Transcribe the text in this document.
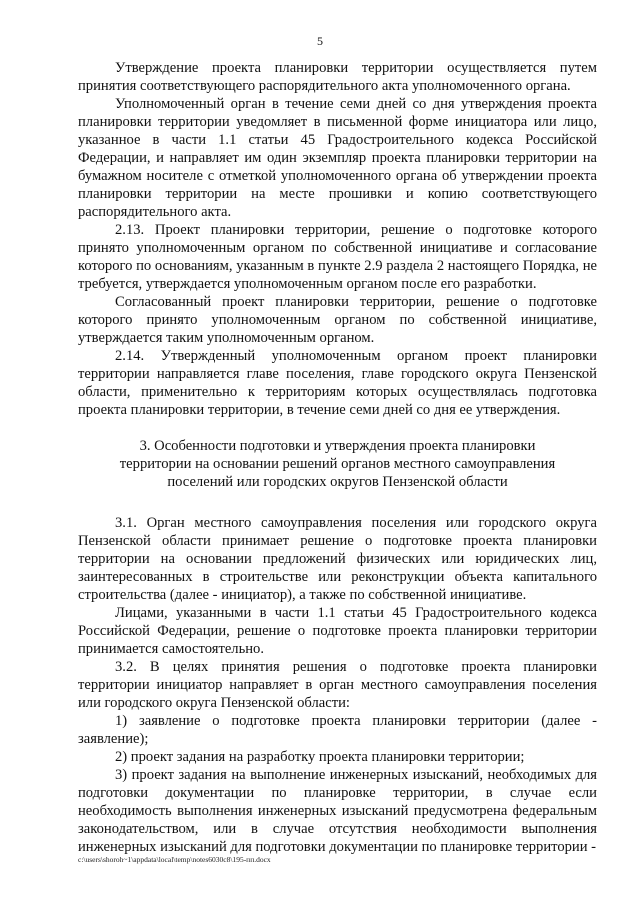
5

Утверждение проекта планировки территории осуществляется путем принятия соответствующего распорядительного акта уполномоченного органа.

Уполномоченный орган в течение семи дней со дня утверждения проекта планировки территории уведомляет в письменной форме инициатора или лицо, указанное в части 1.1 статьи 45 Градостроительного кодекса Российской Федерации, и направляет им один экземпляр проекта планировки территории на бумажном носителе с отметкой уполномоченного органа об утверждении проекта планировки территории на месте прошивки и копию соответствующего распорядительного акта.

2.13. Проект планировки территории, решение о подготовке которого принято уполномоченным органом по собственной инициативе и согласование которого по основаниям, указанным в пункте 2.9 раздела 2 настоящего Порядка, не требуется, утверждается уполномоченным органом после его разработки.

Согласованный проект планировки территории, решение о подготовке которого принято уполномоченным органом по собственной инициативе, утверждается таким уполномоченным органом.

2.14. Утвержденный уполномоченным органом проект планировки территории направляется главе поселения, главе городского округа Пензенской области, применительно к территориям которых осуществлялась подготовка проекта планировки территории, в течение семи дней со дня ее утверждения.

3. Особенности подготовки и утверждения проекта планировки
территории на основании решений органов местного самоуправления
поселений или городских округов Пензенской области

3.1. Орган местного самоуправления поселения или городского округа Пензенской области принимает решение о подготовке проекта планировки территории на основании предложений физических или юридических лиц, заинтересованных в строительстве или реконструкции объекта капитального строительства (далее - инициатор), а также по собственной инициативе.

Лицами, указанными в части 1.1 статьи 45 Градостроительного кодекса Российской Федерации, решение о подготовке проекта планировки территории принимается самостоятельно.

3.2. В целях принятия решения о подготовке проекта планировки территории инициатор направляет в орган местного самоуправления поселения или городского округа Пензенской области:

1) заявление о подготовке проекта планировки территории (далее - заявление);

2) проект задания на разработку проекта планировки территории;

3) проект задания на выполнение инженерных изысканий, необходимых для подготовки документации по планировке территории, в случае если необходимость выполнения инженерных изысканий предусмотрена федеральным законодательством, или в случае отсутствия необходимости выполнения инженерных изысканий для подготовки документации по планировке территории -

c:\users\shoroh~1\appdata\local\temp\notes6030c8\195-пп.docx
